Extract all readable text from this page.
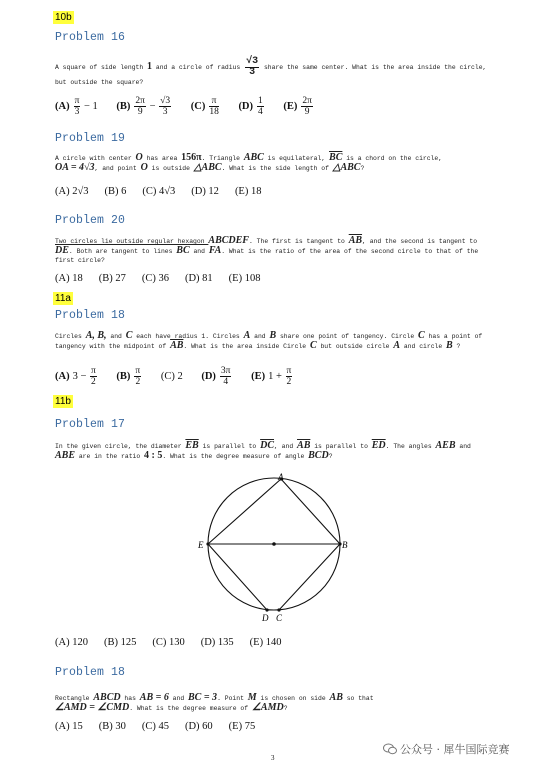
10b
Problem 16
A square of side length 1 and a circle of radius $\frac{√3}{3}$ share the same center. What is the area inside the circle,
but outside the square?
$(A) \frac{\pi}{3} - 1$ $(B) \frac{2\pi}{9} - \frac{√3}{3} (C) \frac{\pi}{18} (D) \frac{1}{4} (E) \frac{2\pi}{9}$
Problem 19
A circle with center O has area 156π. Triangle ABC is equilateral, $\overline{BC}$ is a chord on the circle,
OA = 4√3, and point O is outside △ABC. What is the side length of △ABC?
(A) 2√3 (B) 6 (C) 4√3 (D) 12 (E) 18
Problem 20
Two circles lie outside regular hexagon ABCDEF. The first is tangent to $\overline{AB}$, and the second is tangent to
$\overline{DE}$. Both are tangent to lines BC and FA. What is the ratio of the area of the second circle to that of the
first circle?
(A) 18 (B) 27 (C) 36 (D) 81 (E) 108
11a
Problem 18
Circles A, B, and C each have radius 1. Circles A and B share one point of tangency. Circle C has a point of
tangency with the midpoint of $\overline{AB}$. What is the area inside Circle C but outside circle A and circle B ?
(A) $3 - \frac{\pi}{2} (B) \frac{\pi}{2} (C)$ 2 $(D) \frac{3\pi}{4} (E) 1 + \frac{\pi}{2}$
11b
Problem 17
In the given circle, the diameter $\overline{EB}$ is parallel to $\overline{DC}$, and $\overline{AB}$ is parallel to $\overline{ED}$. The angles AEB and
ABE are in the ratio 4 : 5. What is the degree measure of angle BCD?
A
E	B
D C
(A) 120 (B) 125 (C) 130 (D) 135 (E) 140
Problem 18
Rectangle ABCD has AB = 6 and BC = 3. Point M is chosen on side AB so that
∠AMD = ∠CMD. What is the degree measure of ∠AMD?
(A) 15 (B) 30 (C) 45 (D) 60 (E) 75
公众号 · 犀牛国际竞赛
3
